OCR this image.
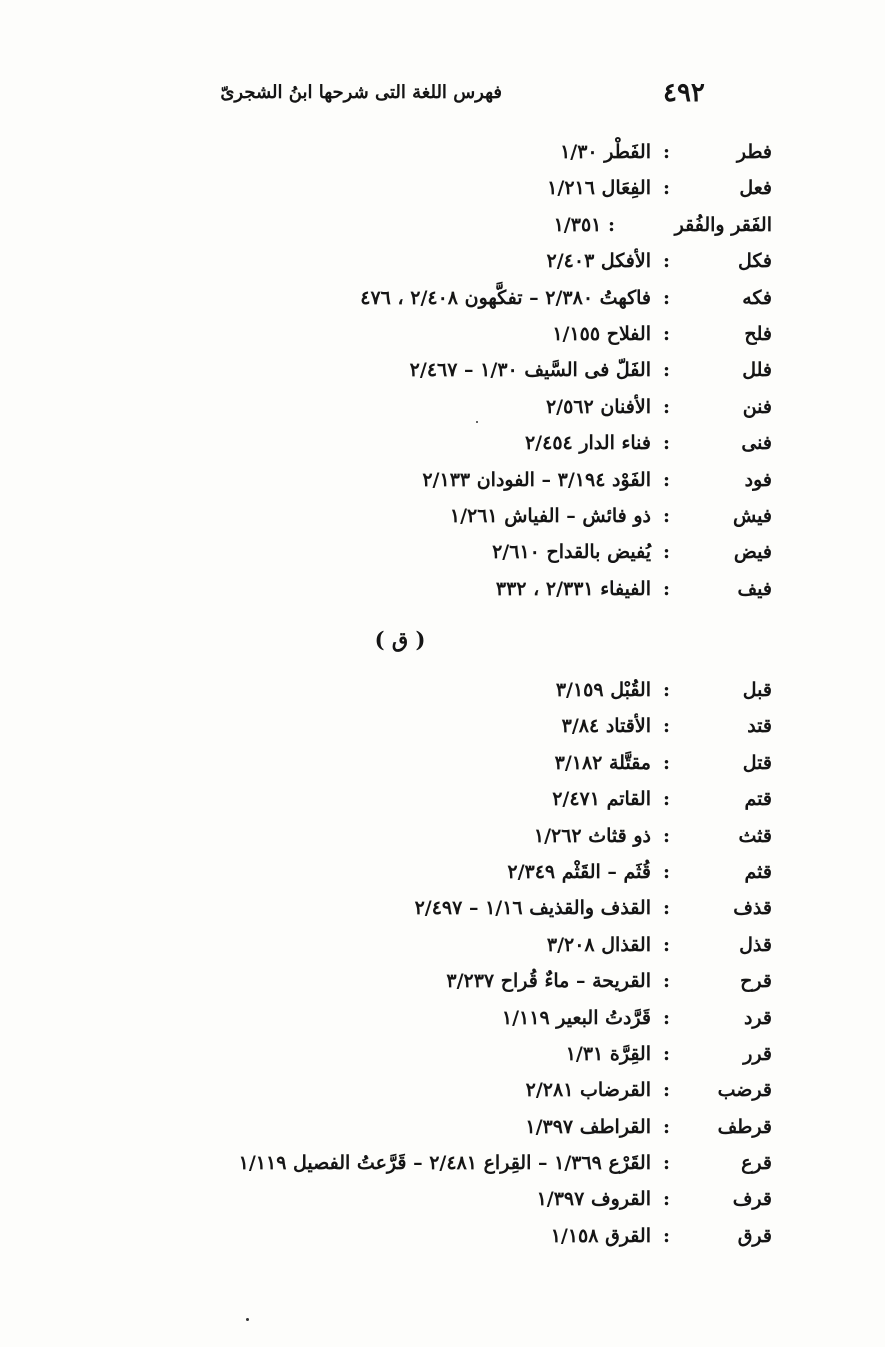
٤٩٢
فهرس اللغة التى شرحها ابنُ الشجرىّ
فطر
:
الفَطْر ١/٣٠
فعل
:
الفِعَال ١/٢١٦
الفَقر والفُقر
: ١/٣٥١
فكل
:
الأفكل ٢/٤٠٣
فكه
:
فاكهتُ ٢/٣٨٠ – تفكَّهون ٢/٤٠٨ ، ٤٧٦
فلح
:
الفلاح ١/١٥٥
فلل
:
الفَلّ فى السَّيف ١/٣٠ – ٢/٤٦٧
فنن
:
الأفنان ٢/٥٦٢
فنى
:
فناء الدار ٢/٤٥٤
فود
:
الفَوْد ٣/١٩٤ – الفودان ٢/١٣٣
فيش
:
ذو فائش – الفياش ١/٢٦١
فيض
:
يُفيض بالقداح ٢/٦١٠
فيف
:
الفيفاء ٢/٣٣١ ، ٣٣٢
( ق )
قبل
:
القُبْل ٣/١٥٩
قتد
:
الأقتاد ٣/٨٤
قتل
:
مقتَّلة ٣/١٨٢
قتم
:
القاتم ٢/٤٧١
قثث
:
ذو قثاث ١/٢٦٢
قثم
:
قُثَم – القَثْم ٢/٣٤٩
قذف
:
القذف والقذيف ١/١٦ – ٢/٤٩٧
قذل
:
القذال ٣/٢٠٨
قرح
:
القريحة – ماءٌ قُراح ٣/٢٣٧
قرد
:
قَرَّدتُ البعير ١/١١٩
قرر
:
القِرَّة ١/٣١
قرضب
:
القرضاب ٢/٢٨١
قرطف
:
القراطف ١/٣٩٧
قرع
:
القَرْع ١/٣٦٩ – القِراع ٢/٤٨١ – قَرَّعتُ الفصيل ١/١١٩
قرف
:
القروف ١/٣٩٧
قرق
:
القرق ١/١٥٨
